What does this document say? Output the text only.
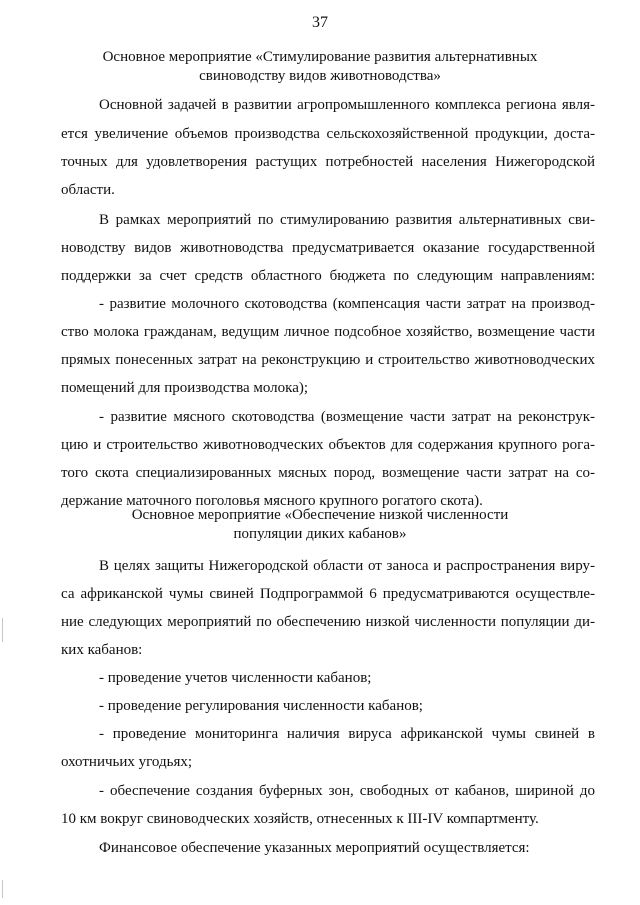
37
Основное мероприятие «Стимулирование развития альтернативных
свиноводству видов животноводства»
Основной задачей в развитии агропромышленного комплекса региона явля-
ется увеличение объемов производства сельскохозяйственной продукции, доста-
точных для удовлетворения растущих потребностей населения Нижегородской
области.
В рамках мероприятий по стимулированию развития альтернативных сви-
новодству видов животноводства предусматривается оказание государственной
поддержки за счет средств областного бюджета по следующим направлениям:
- развитие молочного скотоводства (компенсация части затрат на производ-
ство молока гражданам, ведущим личное подсобное хозяйство, возмещение части
прямых понесенных затрат на реконструкцию и строительство животноводческих
помещений для производства молока);
- развитие мясного скотоводства (возмещение части затрат на реконструк-
цию и строительство животноводческих объектов для содержания крупного рога-
того скота специализированных мясных пород, возмещение части затрат на со-
держание маточного поголовья мясного крупного рогатого скота).
Основное мероприятие «Обеспечение низкой численности
популяции диких кабанов»
В целях защиты Нижегородской области от заноса и распространения виру-
са африканской чумы свиней Подпрограммой 6 предусматриваются осуществле-
ние следующих мероприятий по обеспечению низкой численности популяции ди-
ких кабанов:
- проведение учетов численности кабанов;
- проведение регулирования численности кабанов;
- проведение мониторинга наличия вируса африканской чумы свиней в
охотничьих угодьях;
- обеспечение создания буферных зон, свободных от кабанов, шириной до
10 км вокруг свиноводческих хозяйств, отнесенных к III-IV компартменту.
Финансовое обеспечение указанных мероприятий осуществляется:
